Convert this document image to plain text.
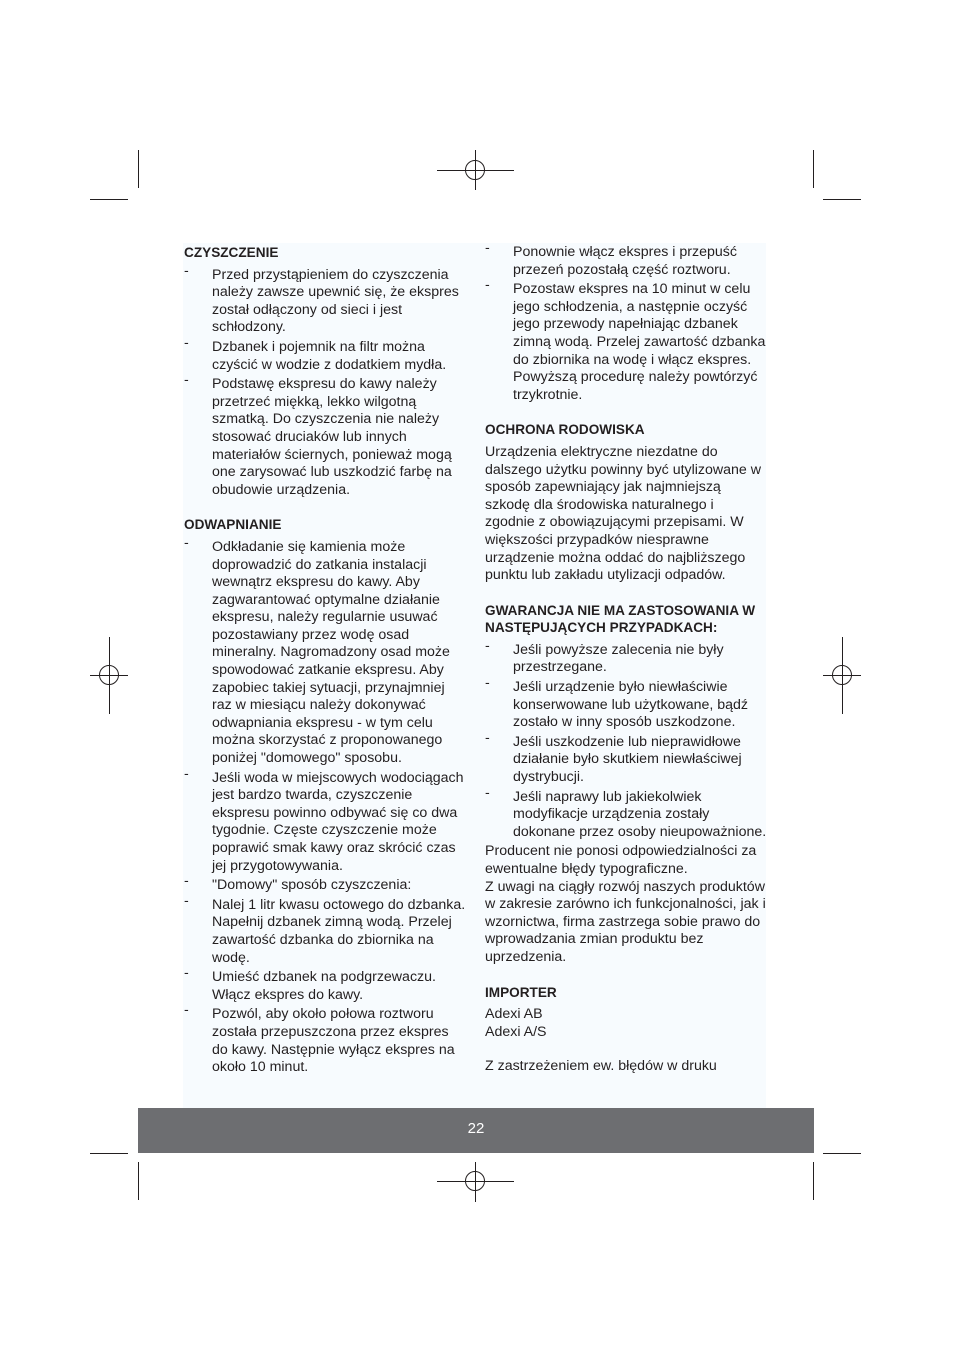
CZYSZCZENIE
- Przed przystąpieniem do czyszczenia należy zawsze upewnić się, że ekspres został odłączony od sieci i jest schłodzony.
- Dzbanek i pojemnik na filtr można czyścić w wodzie z dodatkiem mydła.
- Podstawę ekspresu do kawy należy przetrzeć miękką, lekko wilgotną szmatką. Do czyszczenia nie należy stosować druciaków lub innych materiałów ściernych, ponieważ mogą one zarysować lub uszkodzić farbę na obudowie urządzenia.
ODWAPNIANIE
- Odkładanie się kamienia może doprowadzić do zatkania instalacji wewnątrz ekspresu do kawy. Aby zagwarantować optymalne działanie ekspresu, należy regularnie usuwać pozostawiany przez wodę osad mineralny. Nagromadzony osad może spowodować zatkanie ekspresu. Aby zapobiec takiej sytuacji, przynajmniej raz w miesiącu należy dokonywać odwapniania ekspresu - w tym celu można skorzystać z proponowanego poniżej "domowego" sposobu.
- Jeśli woda w miejscowych wodociągach jest bardzo twarda, czyszczenie ekspresu powinno odbywać się co dwa tygodnie. Częste czyszczenie może poprawić smak kawy oraz skrócić czas jej przygotowywania.
- "Domowy" sposób czyszczenia:
- Nalej 1 litr kwasu octowego do dzbanka. Napełnij dzbanek zimną wodą. Przelej zawartość dzbanka do zbiornika na wodę.
- Umieść dzbanek na podgrzewaczu. Włącz ekspres do kawy.
- Pozwól, aby około połowa roztworu została przepuszczona przez ekspres do kawy. Następnie wyłącz ekspres na około 10 minut.
- Ponownie włącz ekspres i przepuść przezeń pozostałą część roztworu.
- Pozostaw ekspres na 10 minut w celu jego schłodzenia, a następnie oczyść jego przewody napełniając dzbanek zimną wodą. Przelej zawartość dzbanka do zbiornika na wodę i włącz ekspres. Powyższą procedurę należy powtórzyć trzykrotnie.
OCHRONA RODOWISKA

Urządzenia elektryczne niezdatne do dalszego użytku powinny być utylizowane w sposób zapewniający jak najmniejszą szkodę dla środowiska naturalnego i zgodnie z obowiązującymi przepisami. W większości przypadków niesprawne urządzenie można oddać do najbliższego punktu lub zakładu utylizacji odpadów.

GWARANCJA NIE MA ZASTOSOWANIA W NASTĘPUJĄCYCH PRZYPADKACH:
- Jeśli powyższe zalecenia nie były przestrzegane.
- Jeśli urządzenie było niewłaściwie konserwowane lub użytkowane, bądź zostało w inny sposób uszkodzone.
- Jeśli uszkodzenie lub nieprawidłowe działanie było skutkiem niewłaściwej dystrybucji.
- Jeśli naprawy lub jakiekolwiek modyfikacje urządzenia zostały dokonane przez osoby nieupoważnione.

Producent nie ponosi odpowiedzialności za ewentualne błędy typograficzne.

Z uwagi na ciągły rozwój naszych produktów w zakresie zarówno ich funkcjonalności, jak i wzornictwa, firma zastrzega sobie prawo do wprowadzania zmian produktu bez uprzedzenia.

IMPORTER
Adexi AB
Adexi A/S
Z zastrzeżeniem ew. błędów w druku
22
